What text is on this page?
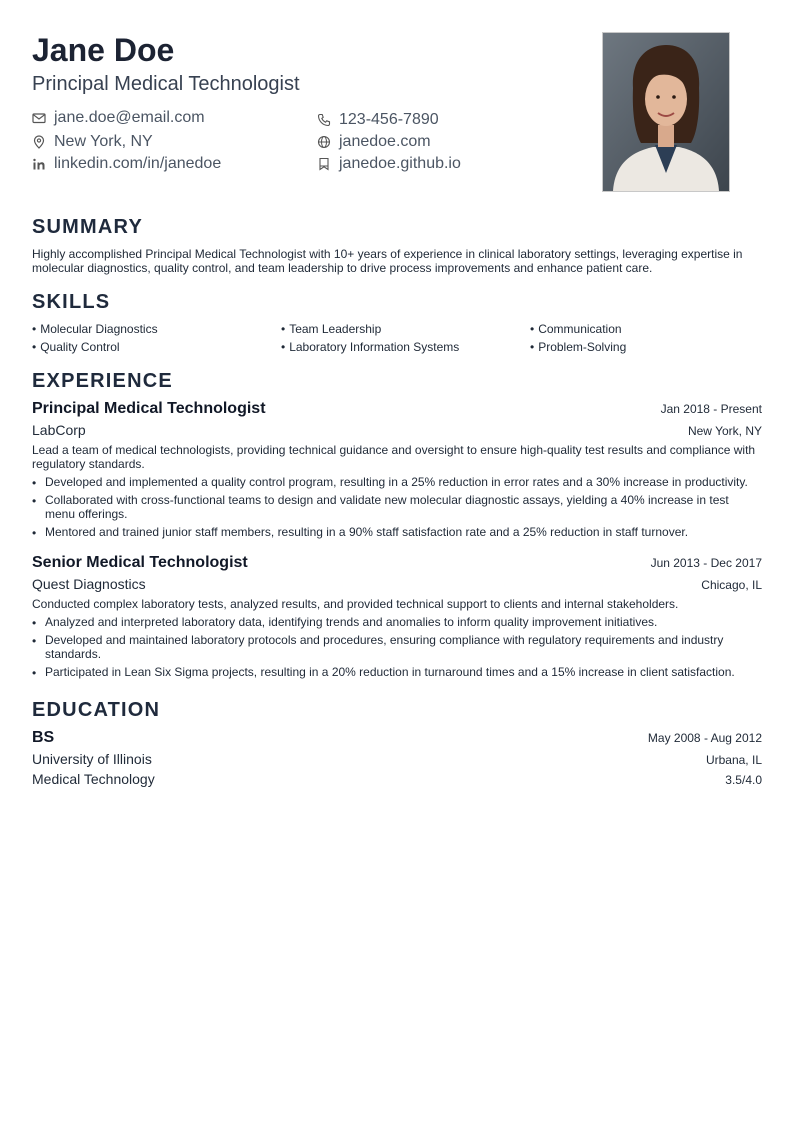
Jane Doe
Principal Medical Technologist
jane.doe@email.com	123-456-7890
New York, NY	janedoe.com
linkedin.com/in/janedoe	janedoe.github.io
SUMMARY
Highly accomplished Principal Medical Technologist with 10+ years of experience in clinical laboratory settings, leveraging expertise in molecular diagnostics, quality control, and team leadership to drive process improvements and enhance patient care.
SKILLS
• Molecular Diagnostics	• Team Leadership	• Communication
• Quality Control	• Laboratory Information Systems	• Problem-Solving
EXPERIENCE
Principal Medical Technologist	Jan 2018 - Present
LabCorp	New York, NY
Lead a team of medical technologists, providing technical guidance and oversight to ensure high-quality test results and compliance with regulatory standards.
• Developed and implemented a quality control program, resulting in a 25% reduction in error rates and a 30% increase in productivity.
• Collaborated with cross-functional teams to design and validate new molecular diagnostic assays, yielding a 40% increase in test menu offerings.
• Mentored and trained junior staff members, resulting in a 90% staff satisfaction rate and a 25% reduction in staff turnover.
Senior Medical Technologist	Jun 2013 - Dec 2017
Quest Diagnostics	Chicago, IL
Conducted complex laboratory tests, analyzed results, and provided technical support to clients and internal stakeholders.
• Analyzed and interpreted laboratory data, identifying trends and anomalies to inform quality improvement initiatives.
• Developed and maintained laboratory protocols and procedures, ensuring compliance with regulatory requirements and industry standards.
• Participated in Lean Six Sigma projects, resulting in a 20% reduction in turnaround times and a 15% increase in client satisfaction.
EDUCATION
BS	May 2008 - Aug 2012
University of Illinois	Urbana, IL
Medical Technology	3.5/4.0
